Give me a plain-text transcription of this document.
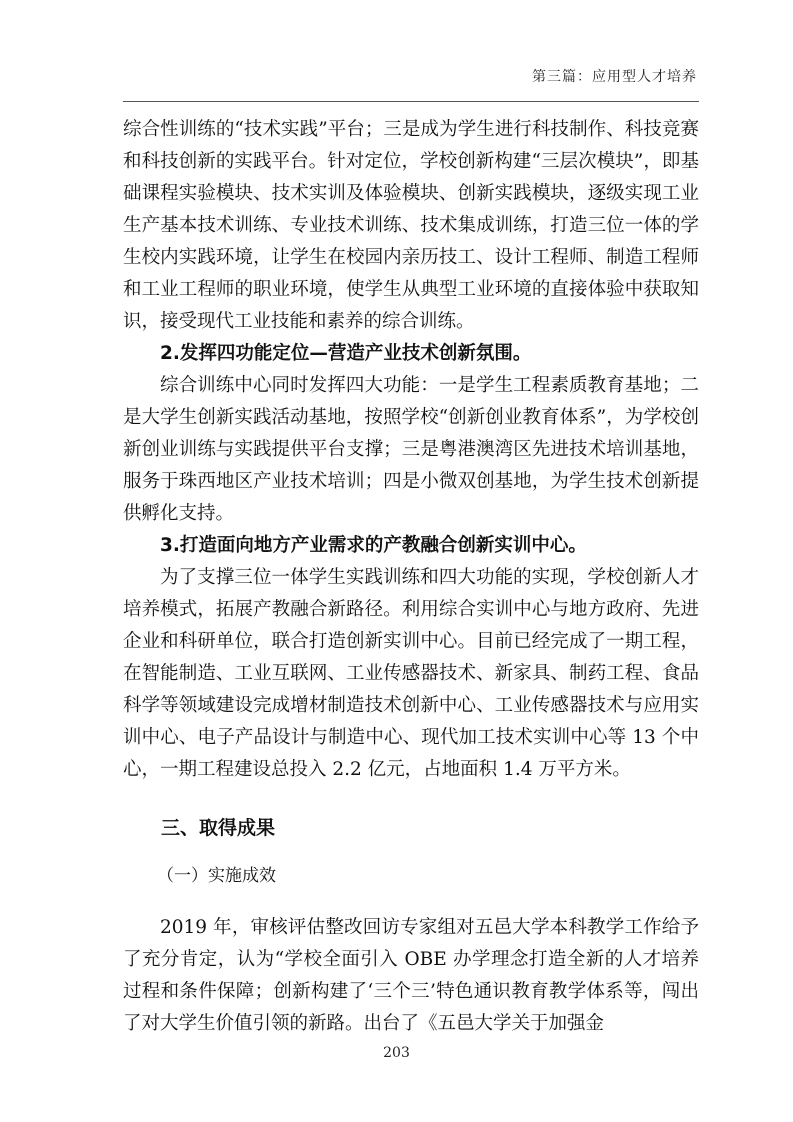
第三篇：应用型人才培养

综合性训练的“技术实践”平台；三是成为学生进行科技制作、科技竞赛和科技创新的实践平台。针对定位，学校创新构建“三层次模块”，即基础课程实验模块、技术实训及体验模块、创新实践模块，逐级实现工业生产基本技术训练、专业技术训练、技术集成训练，打造三位一体的学生校内实践环境，让学生在校园内亲历技工、设计工程师、制造工程师和工业工程师的职业环境，使学生从典型工业环境的直接体验中获取知识，接受现代工业技能和素养的综合训练。

2.发挥四功能定位—营造产业技术创新氛围。

综合训练中心同时发挥四大功能：一是学生工程素质教育基地；二是大学生创新实践活动基地，按照学校“创新创业教育体系”，为学校创新创业训练与实践提供平台支撑；三是粤港澳湾区先进技术培训基地，服务于珠西地区产业技术培训；四是小微双创基地，为学生技术创新提供孵化支持。

3.打造面向地方产业需求的产教融合创新实训中心。

为了支撑三位一体学生实践训练和四大功能的实现，学校创新人才培养模式，拓展产教融合新路径。利用综合实训中心与地方政府、先进企业和科研单位，联合打造创新实训中心。目前已经完成了一期工程，在智能制造、工业互联网、工业传感器技术、新家具、制药工程、食品科学等领域建设完成增材制造技术创新中心、工业传感器技术与应用实训中心、电子产品设计与制造中心、现代加工技术实训中心等 13 个中心，一期工程建设总投入 2.2 亿元，占地面积 1.4 万平方米。

三、取得成果
（一）实施成效

2019 年，审核评估整改回访专家组对五邑大学本科教学工作给予了充分肯定，认为“学校全面引入 OBE 办学理念打造全新的人才培养过程和条件保障；创新构建了‘三个三’特色通识教育教学体系等，闯出了对大学生价值引领的新路。出台了《五邑大学关于加强金

203
